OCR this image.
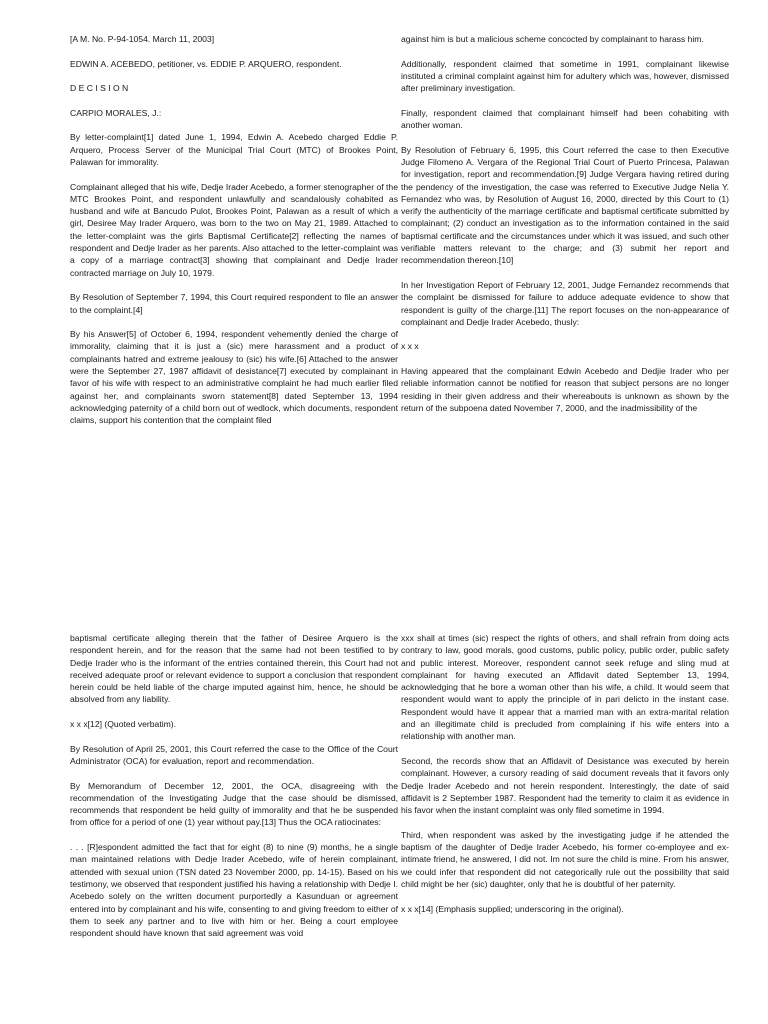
[A M. No. P-94-1054. March 11, 2003]

EDWIN A. ACEBEDO, petitioner, vs. EDDIE P. ARQUERO, respondent.

D E C I S I O N

CARPIO MORALES, J.:

By letter-complaint[1] dated June 1, 1994, Edwin A. Acebedo charged Eddie P. Arquero, Process Server of the Municipal Trial Court (MTC) of Brookes Point, Palawan for immorality.

Complainant alleged that his wife, Dedje Irader Acebedo, a former stenographer of the MTC Brookes Point, and respondent unlawfully and scandalously cohabited as husband and wife at Bancudo Pulot, Brookes Point, Palawan as a result of which a girl, Desiree May Irader Arquero, was born to the two on May 21, 1989. Attached to the letter-complaint was the girls Baptismal Certificate[2] reflecting the names of respondent and Dedje Irader as her parents. Also attached to the letter-complaint was a copy of a marriage contract[3] showing that complainant and Dedje Irader contracted marriage on July 10, 1979.

By Resolution of September 7, 1994, this Court required respondent to file an answer to the complaint.[4]

By his Answer[5] of October 6, 1994, respondent vehemently denied the charge of immorality, claiming that it is just a (sic) mere harassment and a product of complainants hatred and extreme jealousy to (sic) his wife.[6] Attached to the answer were the September 27, 1987 affidavit of desistance[7] executed by complainant in favor of his wife with respect to an administrative complaint he had much earlier filed against her, and complainants sworn statement[8] dated September 13, 1994 acknowledging paternity of a child born out of wedlock, which documents, respondent claims, support his contention that the complaint filed

against him is but a malicious scheme concocted by complainant to harass him.

Additionally, respondent claimed that sometime in 1991, complainant likewise instituted a criminal complaint against him for adultery which was, however, dismissed after preliminary investigation.

Finally, respondent claimed that complainant himself had been cohabiting with another woman.

By Resolution of February 6, 1995, this Court referred the case to then Executive Judge Filomeno A. Vergara of the Regional Trial Court of Puerto Princesa, Palawan for investigation, report and recommendation.[9] Judge Vergara having retired during the pendency of the investigation, the case was referred to Executive Judge Nelia Y. Fernandez who was, by Resolution of August 16, 2000, directed by this Court to (1) verify the authenticity of the marriage certificate and baptismal certificate submitted by complainant; (2) conduct an investigation as to the information contained in the said baptismal certificate and the circumstances under which it was issued, and such other verifiable matters relevant to the charge; and (3) submit her report and recommendation thereon.[10]

In her Investigation Report of February 12, 2001, Judge Fernandez recommends that the complaint be dismissed for failure to adduce adequate evidence to show that respondent is guilty of the charge.[11] The report focuses on the non-appearance of complainant and Dedje Irader Acebedo, thusly:

x x x

Having appeared that the complainant Edwin Acebedo and Dedjie Irader who per reliable information cannot be notified for reason that subject persons are no longer residing in their given address and their whereabouts is unknown as shown by the return of the subpoena dated November 7, 2000, and the inadmissibility of the

baptismal certificate alleging therein that the father of Desiree Arquero is the respondent herein, and for the reason that the same had not been testified to by Dedje Irader who is the informant of the entries contained therein, this Court had not received adequate proof or relevant evidence to support a conclusion that respondent herein could be held liable of the charge imputed against him, hence, he should be absolved from any liability.

x x x[12] (Quoted verbatim).

By Resolution of April 25, 2001, this Court referred the case to the Office of the Court Administrator (OCA) for evaluation, report and recommendation.

By Memorandum of December 12, 2001, the OCA, disagreeing with the recommendation of the Investigating Judge that the case should be dismissed, recommends that respondent be held guilty of immorality and that he be suspended from office for a period of one (1) year without pay.[13] Thus the OCA ratiocinates:

. . . [R]espondent admitted the fact that for eight (8) to nine (9) months, he a single man maintained relations with Dedje Irader Acebedo, wife of herein complainant, attended with sexual union (TSN dated 23 November 2000, pp. 14-15). Based on his testimony, we observed that respondent justified his having a relationship with Dedje I. Acebedo solely on the written document purportedly a Kasunduan or agreement entered into by complainant and his wife, consenting to and giving freedom to either of them to seek any partner and to live with him or her. Being a court employee respondent should have known that said agreement was void

xxx shall at times (sic) respect the rights of others, and shall refrain from doing acts contrary to law, good morals, good customs, public policy, public order, public safety and public interest. Moreover, respondent cannot seek refuge and sling mud at complainant for having executed an Affidavit dated September 13, 1994, acknowledging that he bore a woman other than his wife, a child. It would seem that respondent would want to apply the principle of in pari delicto in the instant case. Respondent would have it appear that a married man with an extra-marital relation and an illegitimate child is precluded from complaining if his wife enters into a relationship with another man.

Second, the records show that an Affidavit of Desistance was executed by herein complainant. However, a cursory reading of said document reveals that it favors only Dedje Irader Acebedo and not herein respondent. Interestingly, the date of said affidavit is 2 September 1987. Respondent had the temerity to claim it as evidence in his favor when the instant complaint was only filed sometime in 1994.

Third, when respondent was asked by the investigating judge if he attended the baptism of the daughter of Dedje Irader Acebedo, his former co-employee and ex-intimate friend, he answered, I did not. Im not sure the child is mine. From his answer, we could infer that respondent did not categorically rule out the possibility that said child might be her (sic) daughter, only that he is doubtful of her paternity.

x x x[14] (Emphasis supplied; underscoring in the original).
